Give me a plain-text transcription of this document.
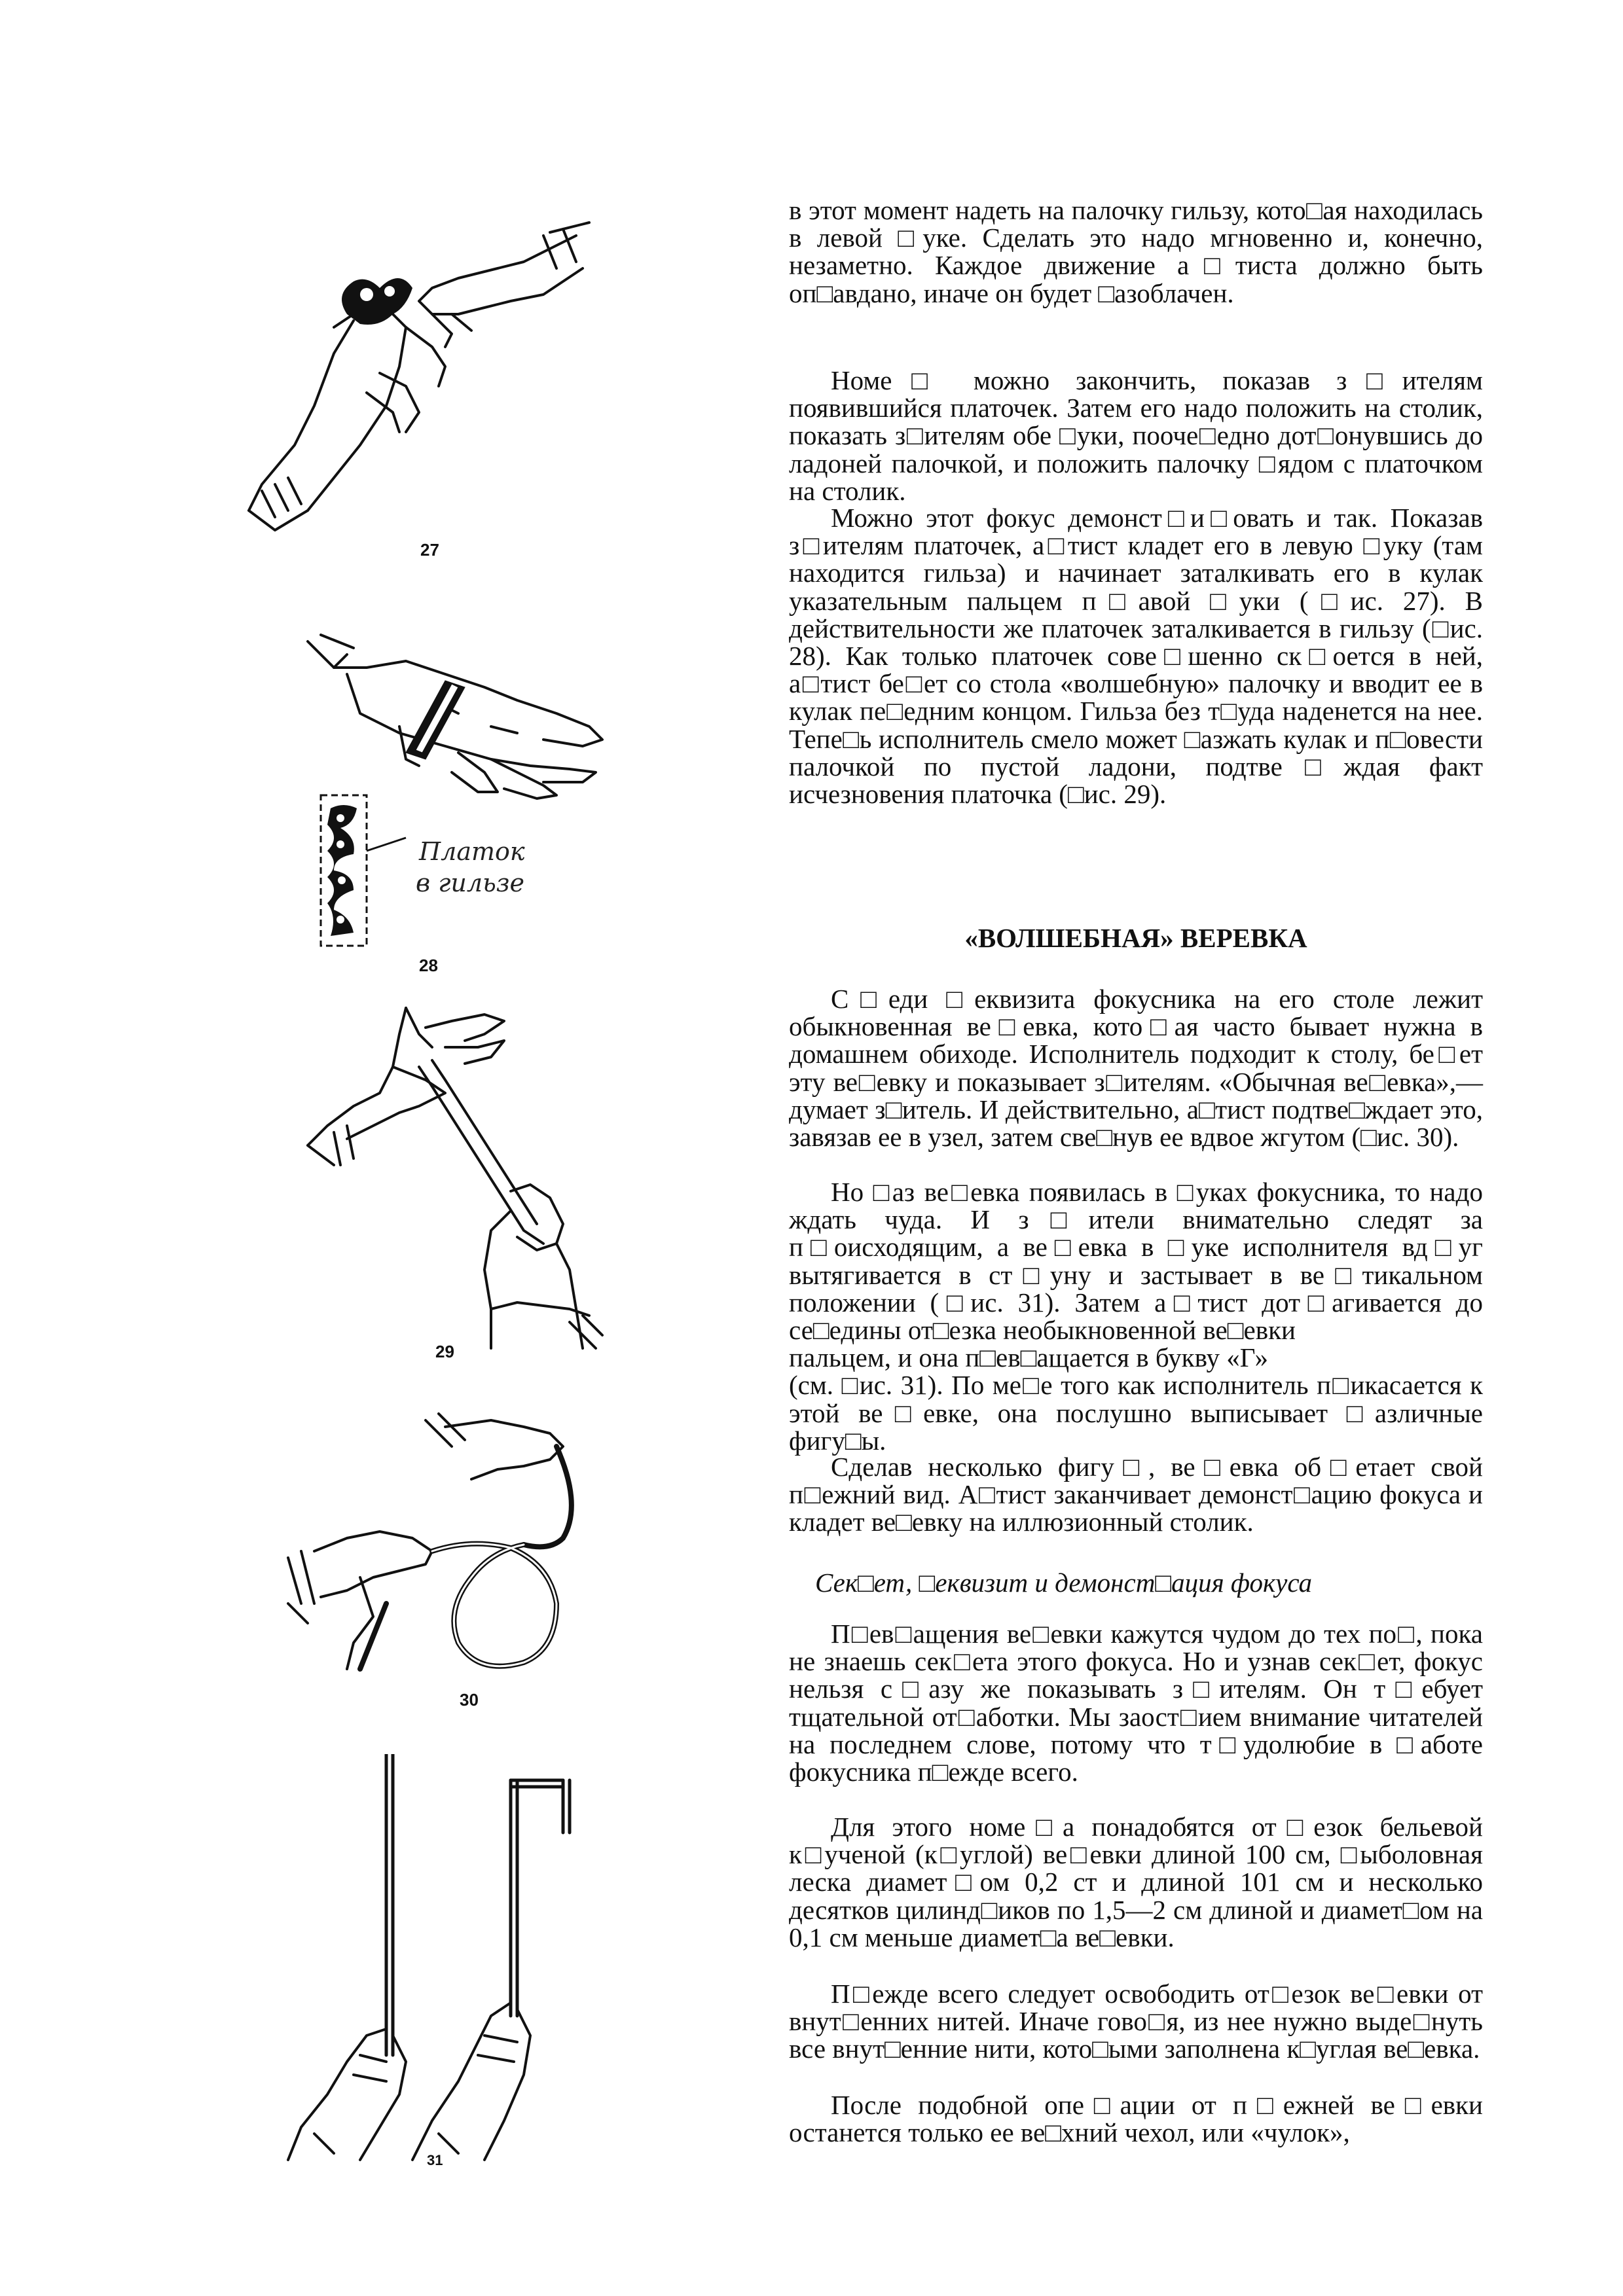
27
Платок
в гильзе
28
29
30
31

в этот момент надеть на палочку гильзу, кото□ая находилась в левой □уке. Сделать это надо мгновенно и, конечно, незаметно. Каждое движение а□тиста должно быть оп□авдано, иначе он будет □азоблачен.

Номе□ можно закончить, показав з□ителям появившийся платочек. Затем его надо положить на столик, показать з□ителям обе □уки, пооче□едно дот□онувшись до ладоней палочкой, и положить палочку □ядом с платочком на столик.

Можно этот фокус демонст□и□овать и так. Показав з□ителям платочек, а□тист кладет его в левую □уку (там находится гильза) и начинает заталкивать его в кулак указательным пальцем п□авой □уки (□ис. 27). В действительности же платочек заталкивается в гильзу (□ис. 28). Как только платочек сове□шенно ск□оется в ней, а□тист бе□ет со стола «волшебную» палочку и вводит ее в кулак пе□едним концом. Гильза без т□уда наденется на нее. Тепе□ь исполнитель смело может □азжать кулак и п□овести палочкой по пустой ладони, подтве□ждая факт исчезновения платочка (□ис. 29).

«ВОЛШЕБНАЯ» ВЕРЕВКА

С□еди □еквизита фокусника на его столе лежит обыкновенная ве□евка, кото□ая часто бывает нужна в домашнем обиходе. Исполнитель подходит к столу, бе□ет эту ве□евку и показывает з□ителям. «Обычная ве□евка»,— думает з□итель. И действительно, а□тист подтве□ждает это, завязав ее в узел, затем све□нув ее вдвое жгутом (□ис. 30).

Но □аз ве□евка появилась в □уках фокусника, то надо ждать чуда. И з□ители внимательно следят за п□оисходящим, а ве□евка в □уке исполнителя вд□уг вытягивается в ст□уну и застывает в ве□тикальном положении (□ис. 31). Затем а□тист дот□агивается до се□едины от□езка необыкновенной ве□евки

пальцем, и она п□ев□ащается в букву «Г»

(см. □ис. 31). По ме□е того как исполнитель п□икасается к этой ве□евке, она послушно выписывает □азличные фигу□ы.

Сделав несколько фигу□, ве□евка об□етает свой п□ежний вид. А□тист заканчивает демонст□ацию фокуса и кладет ве□евку на иллюзионный столик.

Сек□ет, □еквизит и демонст□ация фокуса

П□ев□ащения ве□евки кажутся чудом до тех по□, пока не знаешь сек□ета этого фокуса. Но и узнав сек□ет, фокус нельзя с□азу же показывать з□ителям. Он т□ебует тщательной от□аботки. Мы заост□ием внимание читателей на последнем слове, потому что т□удолюбие в □аботе фокусника п□ежде всего.

Для этого номе□а понадобятся от□езок бельевой к□ученой (к□углой) ве□евки длиной 100 см, □ыболовная леска диамет□ом 0,2 ст и длиной 101 см и несколько десятков цилинд□иков по 1,5—2 см длиной и диамет□ом на 0,1 см меньше диамет□а ве□евки.

П□ежде всего следует освободить от□езок ве□евки от внут□енних нитей. Иначе гово□я, из нее нужно выде□нуть все внут□енние нити, кото□ыми заполнена к□углая ве□евка.

После подобной опе□ации от п□ежней ве□евки останется только ее ве□хний чехол, или «чулок»,
